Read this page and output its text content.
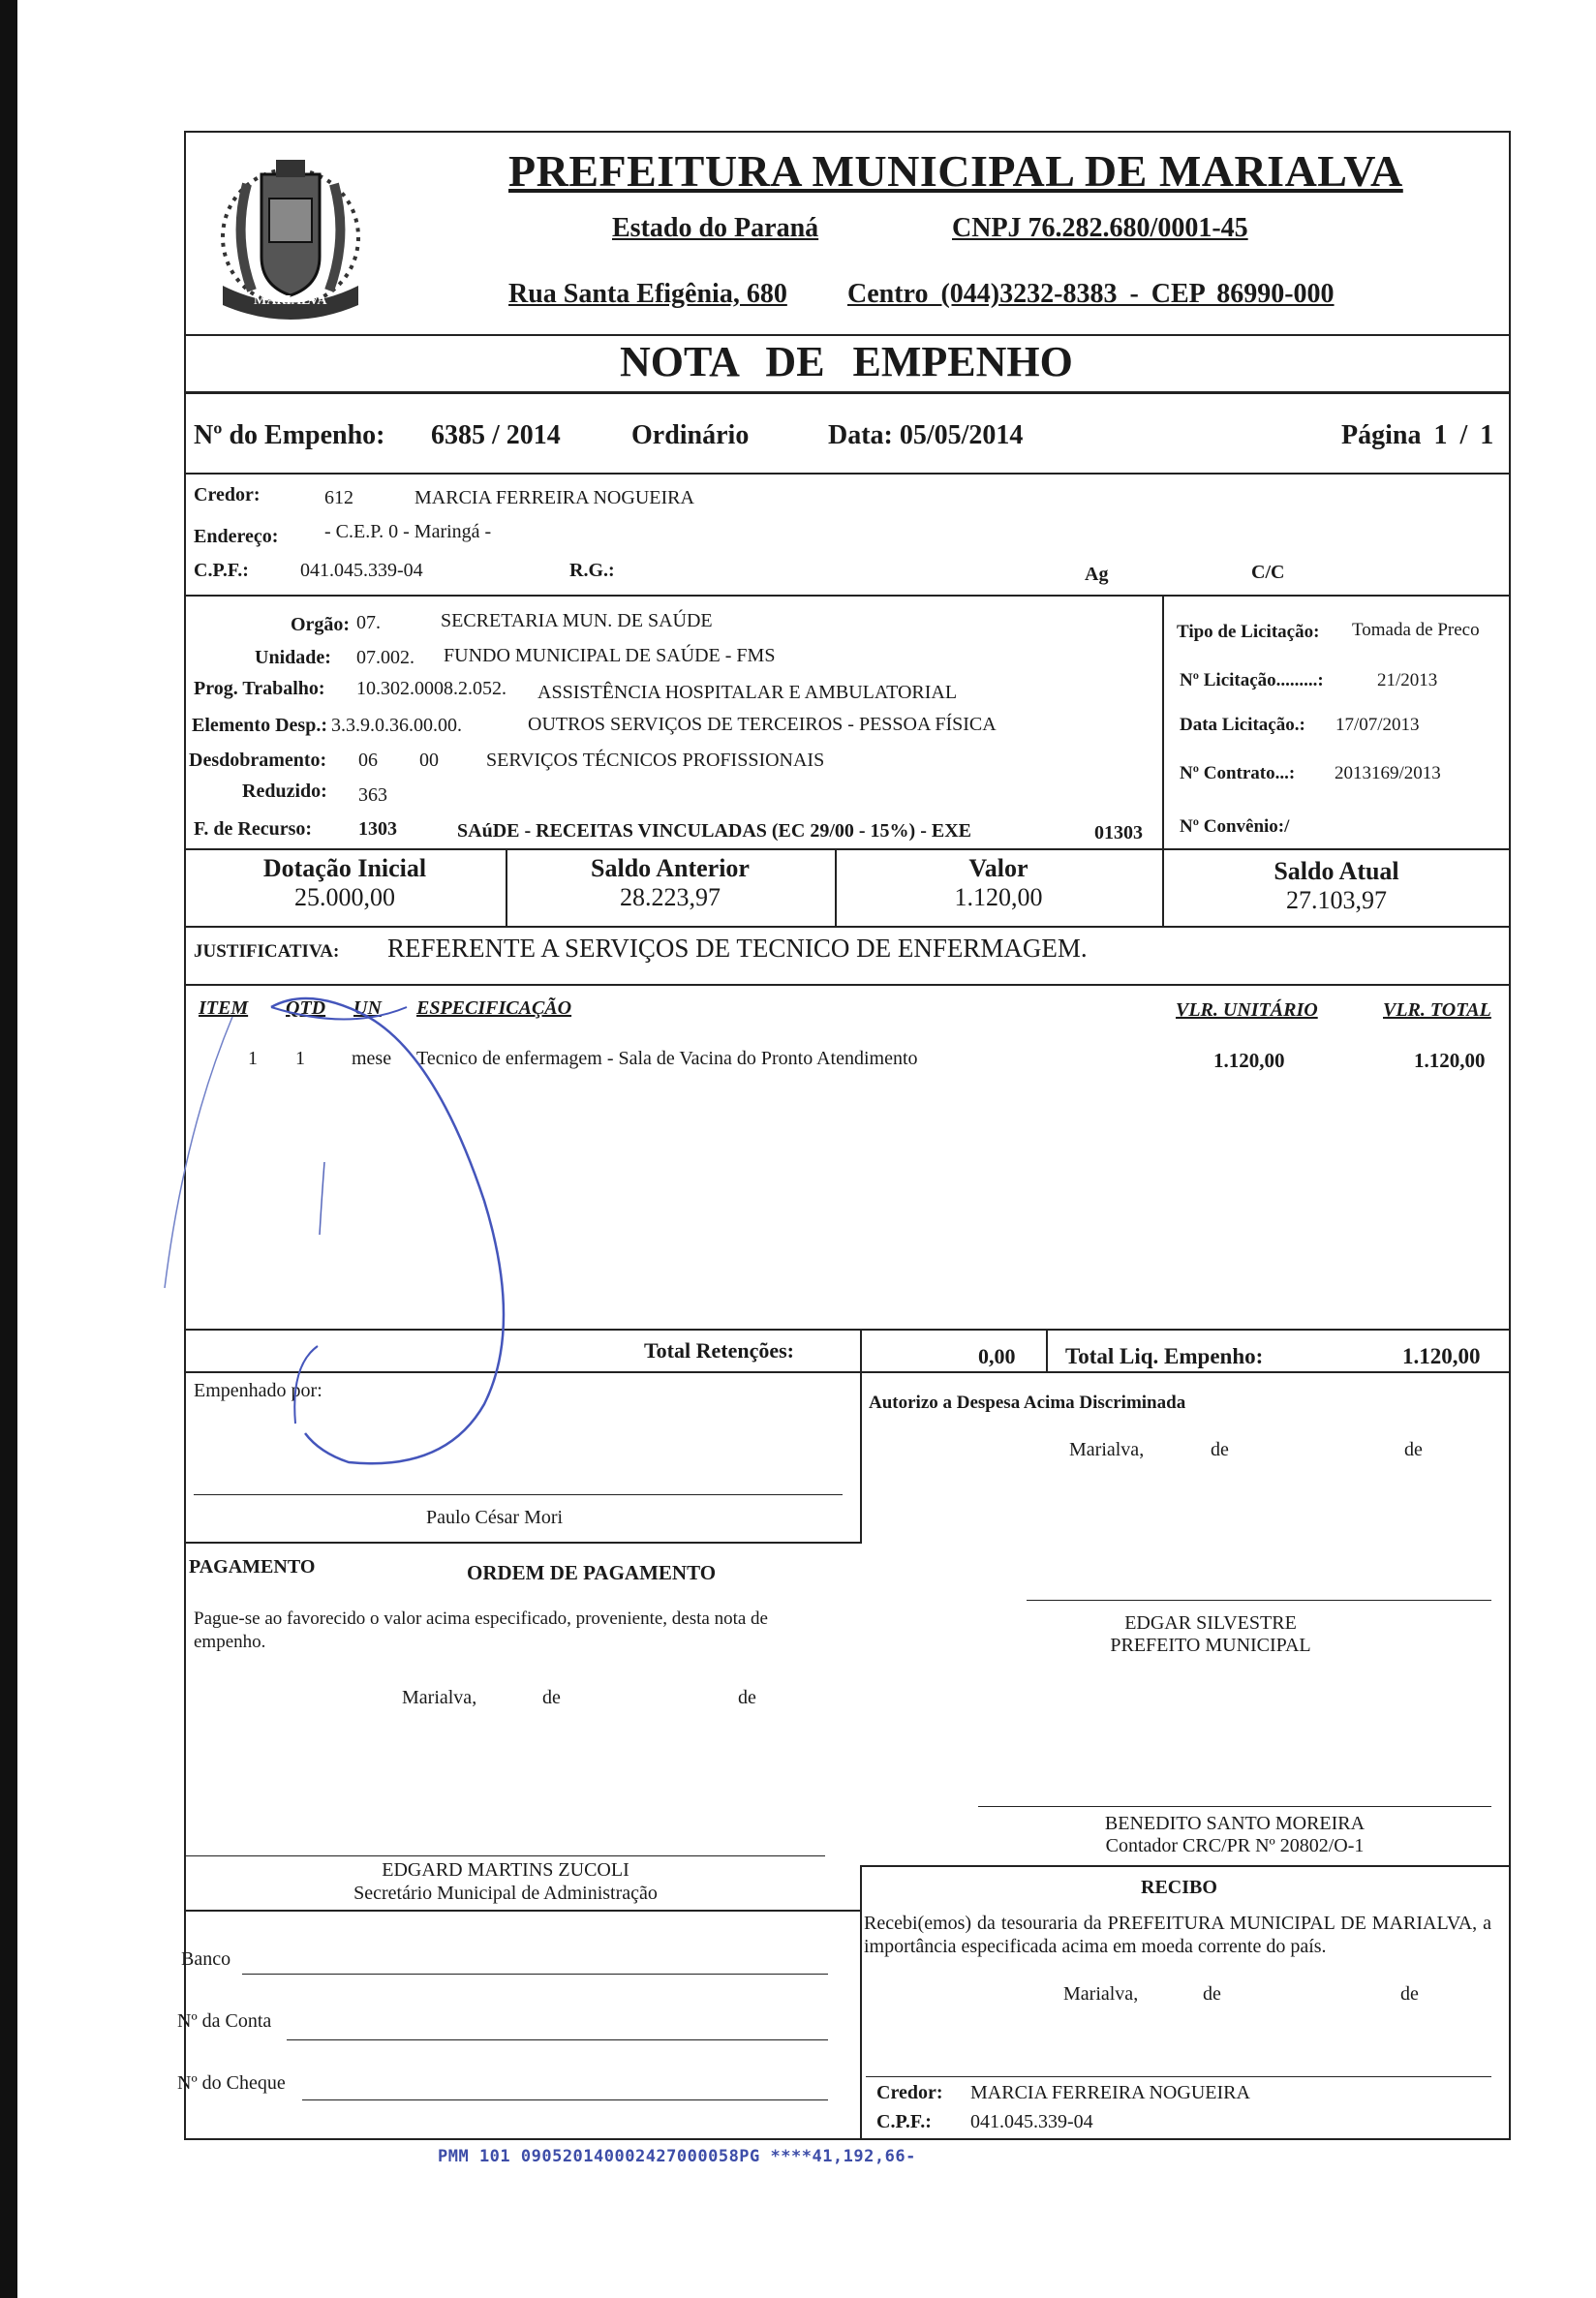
MARIALVA
PREFEITURA MUNICIPAL DE MARIALVA
Estado do Paraná	CNPJ 76.282.680/0001-45
Rua Santa Efigênia, 680 Centro (044)3232-8383 - CEP 86990-000
NOTA DE EMPENHO
Nº do Empenho: 6385 / 2014	Ordinário	Data: 05/05/2014	Página 1 / 1
Credor:	612	MARCIA FERREIRA NOGUEIRA
Endereço: - C.E.P. 0 - Maringá -
C.P.F.:	041.045.339-04	R.G.:	Ag	C/C
Orgão: 07.	SECRETARIA MUN. DE SAÚDE
Unidade: 07.002. FUNDO MUNICIPAL DE SAÚDE - FMS
Prog. Trabalho: 10.302.0008.2.052. ASSISTÊNCIA HOSPITALAR E AMBULATORIAL
Elemento Desp.: 3.3.9.0.36.00.00.	OUTROS SERVIÇOS DE TERCEIROS - PESSOA FÍSICA
Desdobramento: 06 00 SERVIÇOS TÉCNICOS PROFISSIONAIS
Reduzido: 363
F. de Recurso: 1303	SAúDE - RECEITAS VINCULADAS (EC 29/00 - 15%) - EXE	01303
Tipo de Licitação: Tomada de Preco
Nº Licitação.........:	21/2013
Data Licitação.: 17/07/2013
Nº Contrato...: 2013169/2013
Nº Convênio:/
Dotação Inicial
25.000,00
Saldo Anterior
28.223,97
Valor
1.120,00
Saldo Atual
27.103,97
JUSTIFICATIVA: REFERENTE A SERVIÇOS DE TECNICO DE ENFERMAGEM.
ITEM QTD UN ESPECIFICAÇÃO	VLR. UNITÁRIO	VLR. TOTAL
1 1 mese Tecnico de enfermagem - Sala de Vacina do Pronto Atendimento	1.120,00	1.120,00
Total Retenções:	0,00 Total Liq. Empenho:	1.120,00
Empenhado por:
Paulo César Mori
Autorizo a Despesa Acima Discriminada
Marialva,	de	de
PAGAMENTO	ORDEM DE PAGAMENTO
Pague-se ao favorecido o valor acima especificado, proveniente, desta nota de empenho.
Marialva,	de	de
EDGARD MARTINS ZUCOLI
Secretário Municipal de Administração
EDGAR SILVESTRE
PREFEITO MUNICIPAL
BENEDITO SANTO MOREIRA
Contador CRC/PR Nº 20802/O-1
RECIBO
Recebi(emos) da tesouraria da PREFEITURA MUNICIPAL DE MARIALVA, a importância especificada acima em moeda corrente do país.
Marialva,	de	de
Credor: MARCIA FERREIRA NOGUEIRA
C.P.F.: 041.045.339-04
Banco
Nº da Conta
Nº do Cheque
PMM 101 090520140002427000058PG ****41,192,66-
